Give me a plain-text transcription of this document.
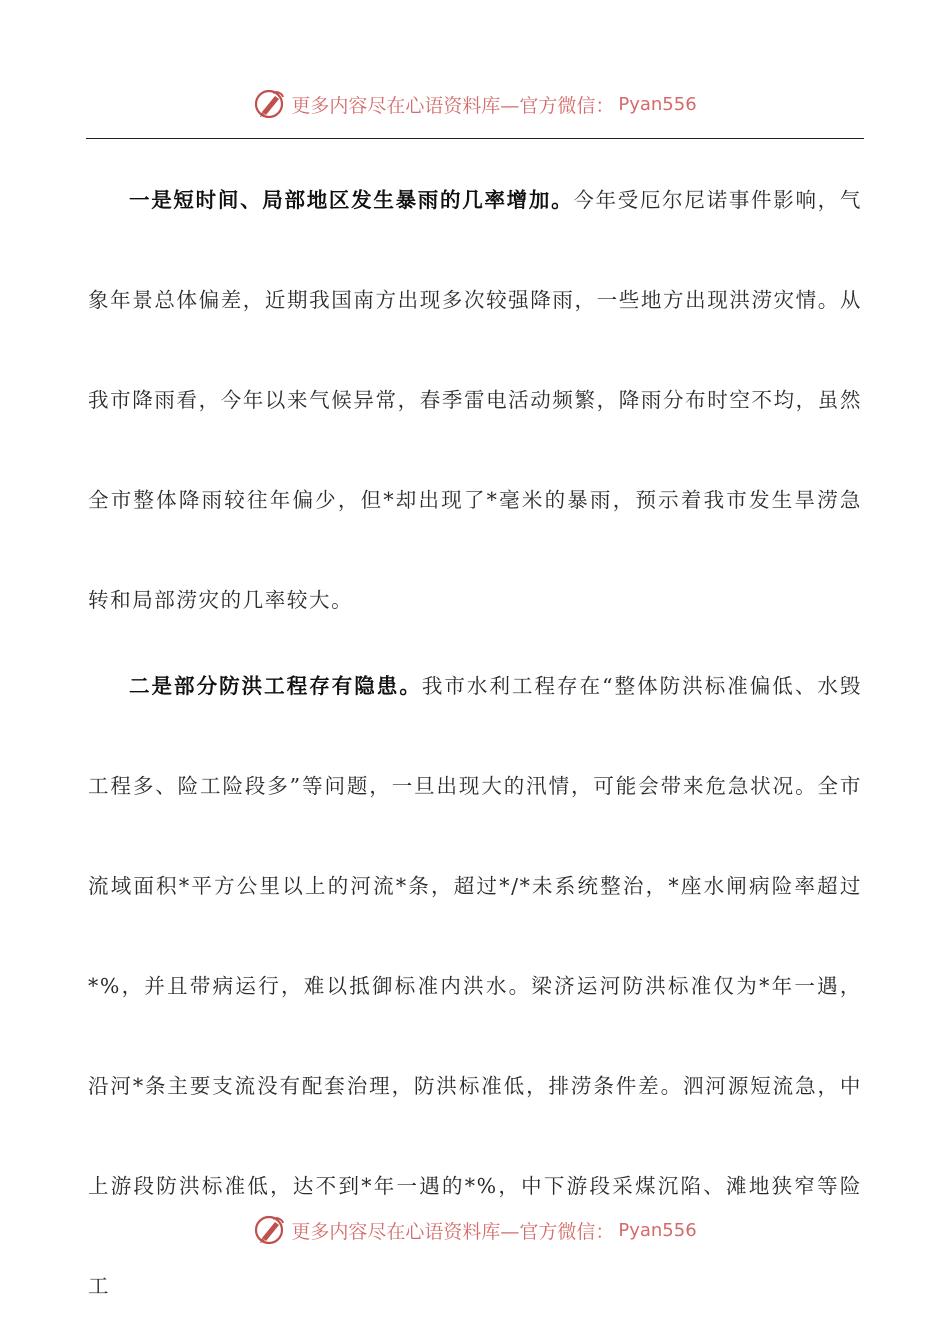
更多内容尽在心语资料库—官方微信： Pyan556

一是短时间、局部地区发生暴雨的几率增加。今年受厄尔尼诺事件影响，气象年景总体偏差，近期我国南方出现多次较强降雨，一些地方出现洪涝灾情。从我市降雨看，今年以来气候异常，春季雷电活动频繁，降雨分布时空不均，虽然全市整体降雨较往年偏少，但*却出现了*毫米的暴雨，预示着我市发生旱涝急转和局部涝灾的几率较大。

二是部分防洪工程存有隐患。我市水利工程存在“整体防洪标准偏低、水毁工程多、险工险段多”等问题，一旦出现大的汛情，可能会带来危急状况。全市流域面积*平方公里以上的河流*条，超过*/*未系统整治，*座水闸病险率超过*%，并且带病运行，难以抵御标准内洪水。梁济运河防洪标准仅为*年一遇，沿河*条主要支流没有配套治理，防洪标准低，排涝条件差。泗河源短流急，中上游段防洪标准低，达不到*年一遇的*%，中下游段采煤沉陷、滩地狭窄等险工

更多内容尽在心语资料库—官方微信： Pyan556
